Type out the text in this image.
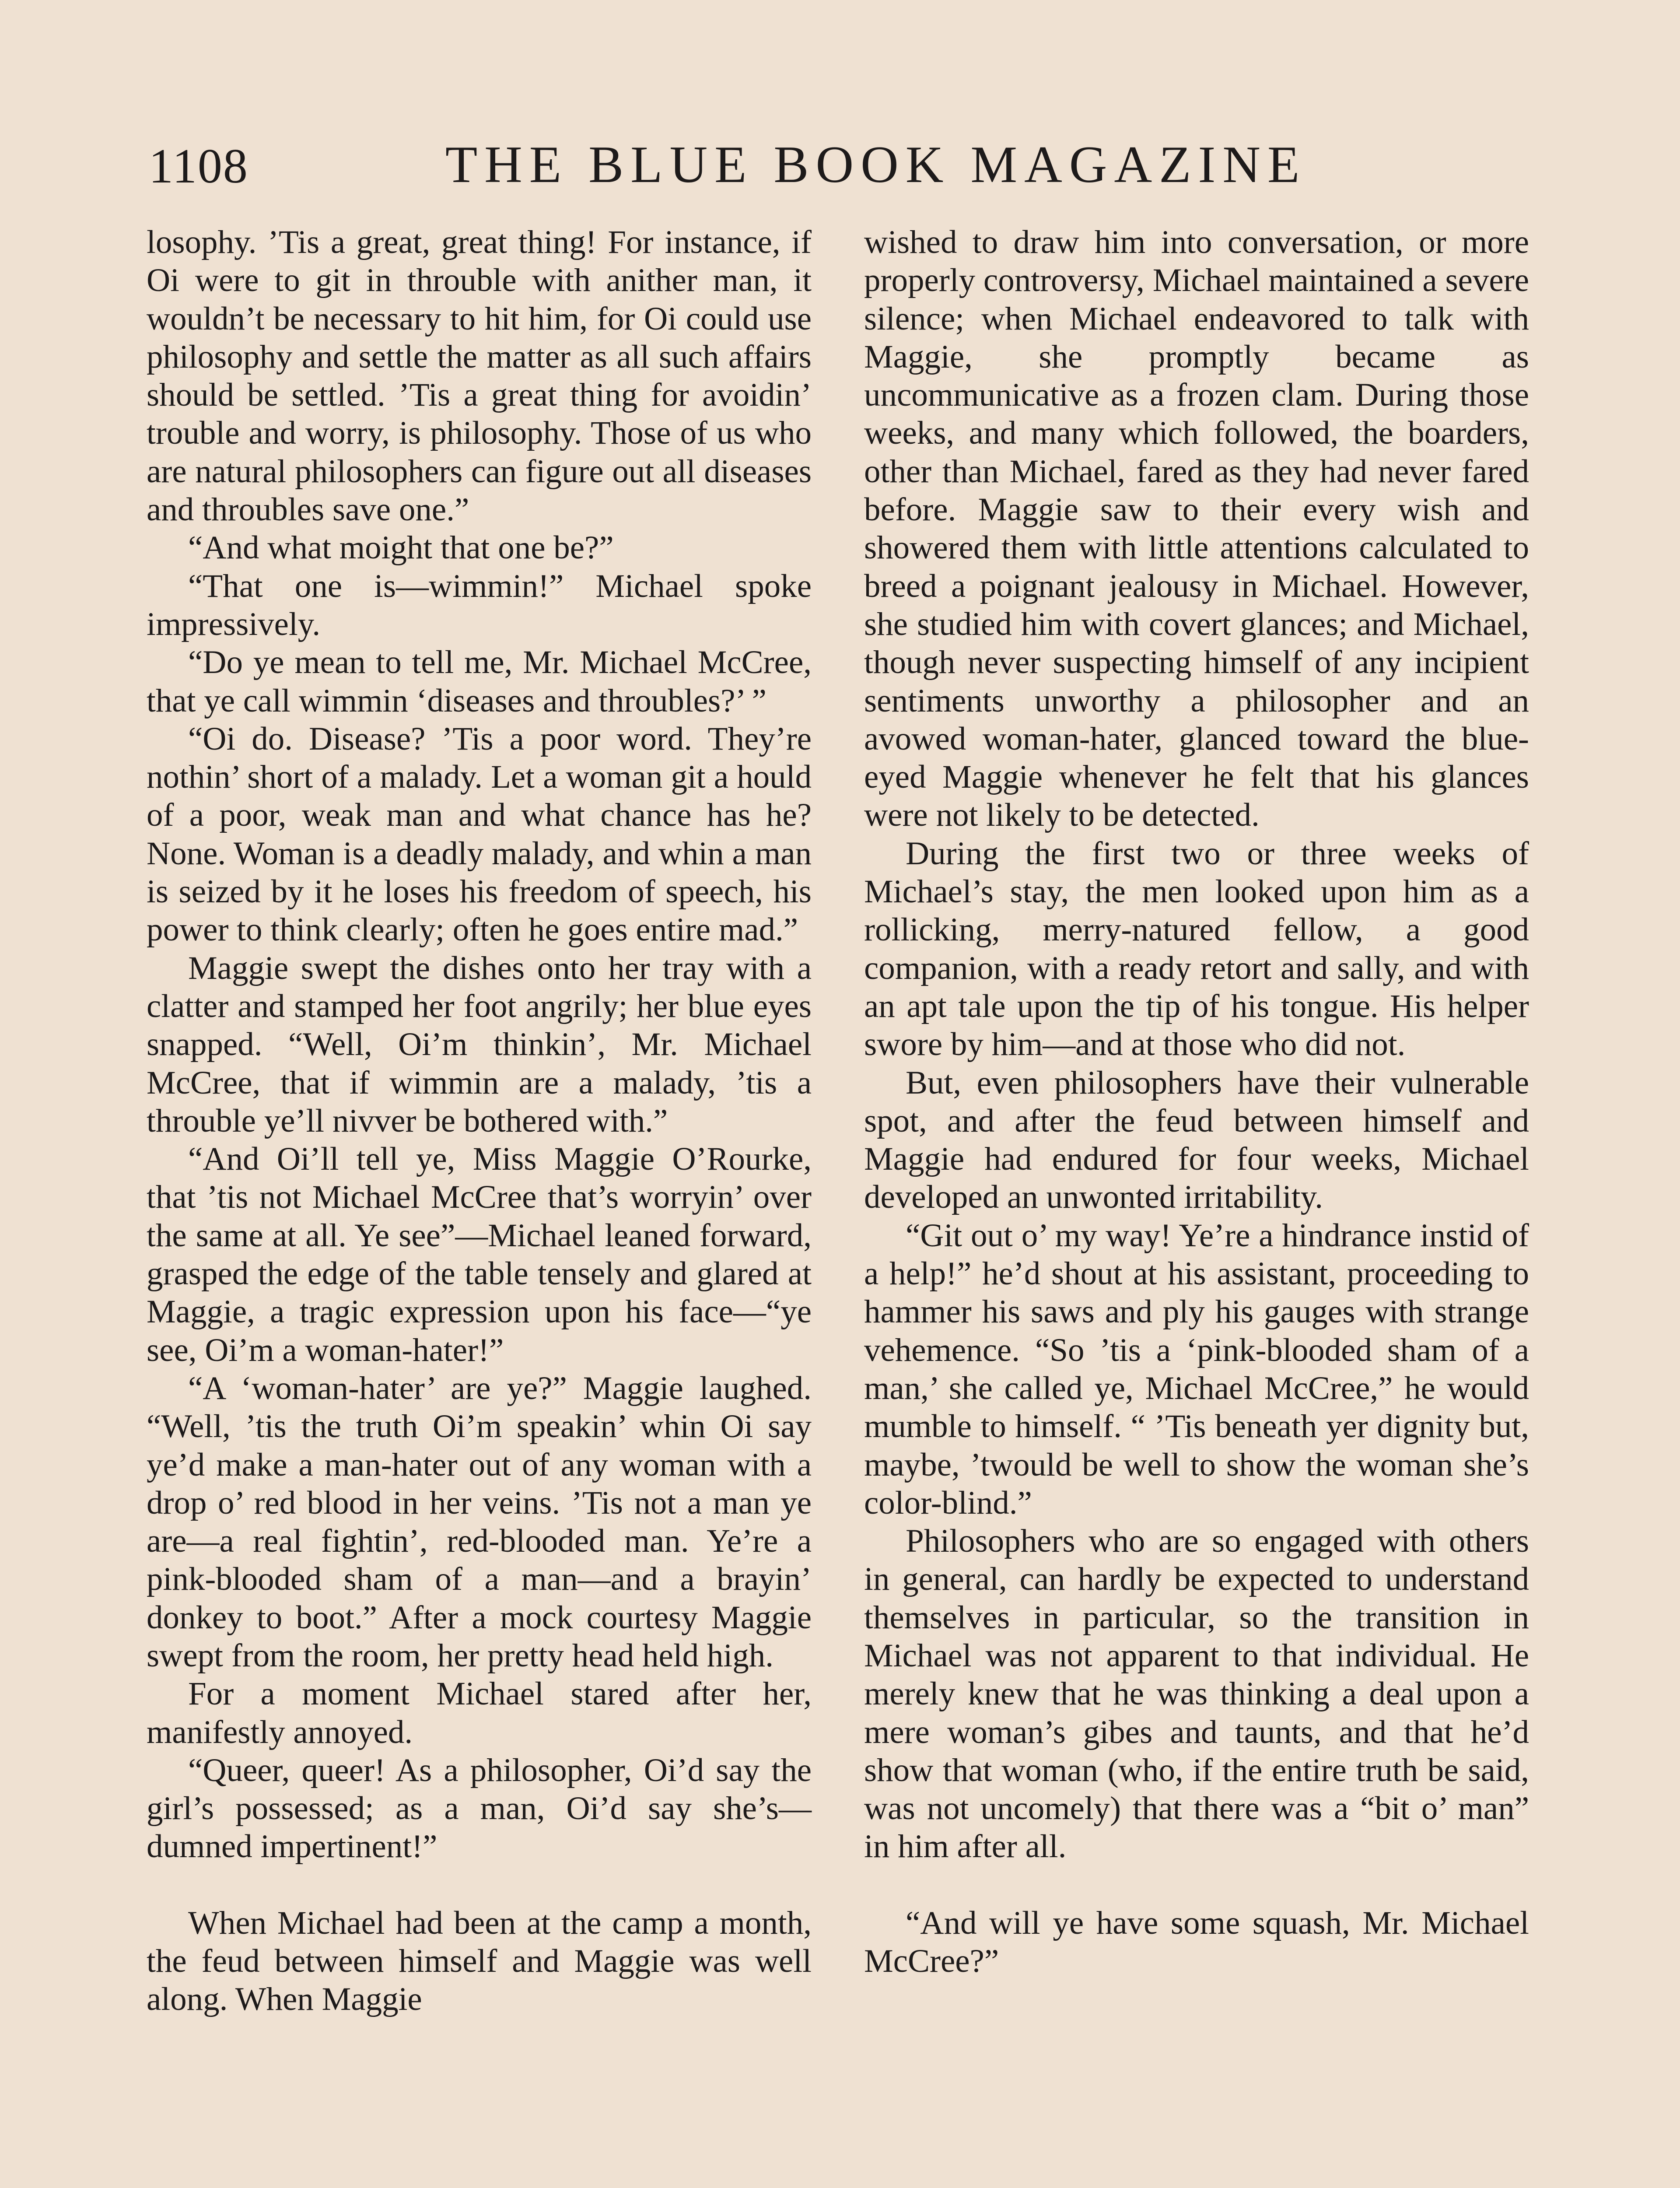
1108	THE BLUE BOOK MAGAZINE

losophy. ’Tis a great, great thing! For instance, if Oi were to git in throuble with anither man, it wouldn’t be necessary to hit him, for Oi could use philosophy and settle the matter as all such affairs should be settled. ’Tis a great thing for avoidin’ trouble and worry, is philosophy. Those of us who are natural philosophers can figure out all diseases and throubles save one.”

“And what moight that one be?”

“That one is—wimmin!” Michael spoke impressively.

“Do ye mean to tell me, Mr. Michael McCree, that ye call wimmin ‘diseases and throubles?’ ”

“Oi do. Disease? ’Tis a poor word. They’re nothin’ short of a malady. Let a woman git a hould of a poor, weak man and what chance has he? None. Woman is a deadly malady, and whin a man is seized by it he loses his freedom of speech, his power to think clearly; often he goes entire mad.”

Maggie swept the dishes onto her tray with a clatter and stamped her foot angrily; her blue eyes snapped. “Well, Oi’m thinkin’, Mr. Michael McCree, that if wimmin are a malady, ’tis a throuble ye’ll nivver be bothered with.”

“And Oi’ll tell ye, Miss Maggie O’Rourke, that ’tis not Michael McCree that’s worryin’ over the same at all. Ye see”—Michael leaned forward, grasped the edge of the table tensely and glared at Maggie, a tragic expression upon his face—“ye see, Oi’m a woman-hater!”

“A ‘woman-hater’ are ye?” Maggie laughed. “Well, ’tis the truth Oi’m speakin’ whin Oi say ye’d make a man-hater out of any woman with a drop o’ red blood in her veins. ’Tis not a man ye are—a real fightin’, red-blooded man. Ye’re a pink-blooded sham of a man—and a brayin’ donkey to boot.” After a mock courtesy Maggie swept from the room, her pretty head held high.

For a moment Michael stared after her, manifestly annoyed.

“Queer, queer! As a philosopher, Oi’d say the girl’s possessed; as a man, Oi’d say she’s—dumned impertinent!”

When Michael had been at the camp a month, the feud between himself and Maggie was well along. When Maggie

wished to draw him into conversation, or more properly controversy, Michael maintained a severe silence; when Michael endeavored to talk with Maggie, she promptly became as uncommunicative as a frozen clam. During those weeks, and many which followed, the boarders, other than Michael, fared as they had never fared before. Maggie saw to their every wish and showered them with little attentions calculated to breed a poignant jealousy in Michael. However, she studied him with covert glances; and Michael, though never suspecting himself of any incipient sentiments unworthy a philosopher and an avowed woman-hater, glanced toward the blue-eyed Maggie whenever he felt that his glances were not likely to be detected.

During the first two or three weeks of Michael’s stay, the men looked upon him as a rollicking, merry-natured fellow, a good companion, with a ready retort and sally, and with an apt tale upon the tip of his tongue. His helper swore by him—and at those who did not.

But, even philosophers have their vulnerable spot, and after the feud between himself and Maggie had endured for four weeks, Michael developed an unwonted irritability.

“Git out o’ my way! Ye’re a hindrance instid of a help!” he’d shout at his assistant, proceeding to hammer his saws and ply his gauges with strange vehemence. “So ’tis a ‘pink-blooded sham of a man,’ she called ye, Michael McCree,” he would mumble to himself. “ ’Tis beneath yer dignity but, maybe, ’twould be well to show the woman she’s color-blind.”

Philosophers who are so engaged with others in general, can hardly be expected to understand themselves in particular, so the transition in Michael was not apparent to that individual. He merely knew that he was thinking a deal upon a mere woman’s gibes and taunts, and that he’d show that woman (who, if the entire truth be said, was not uncomely) that there was a “bit o’ man” in him after all.

“And will ye have some squash, Mr. Michael McCree?”
